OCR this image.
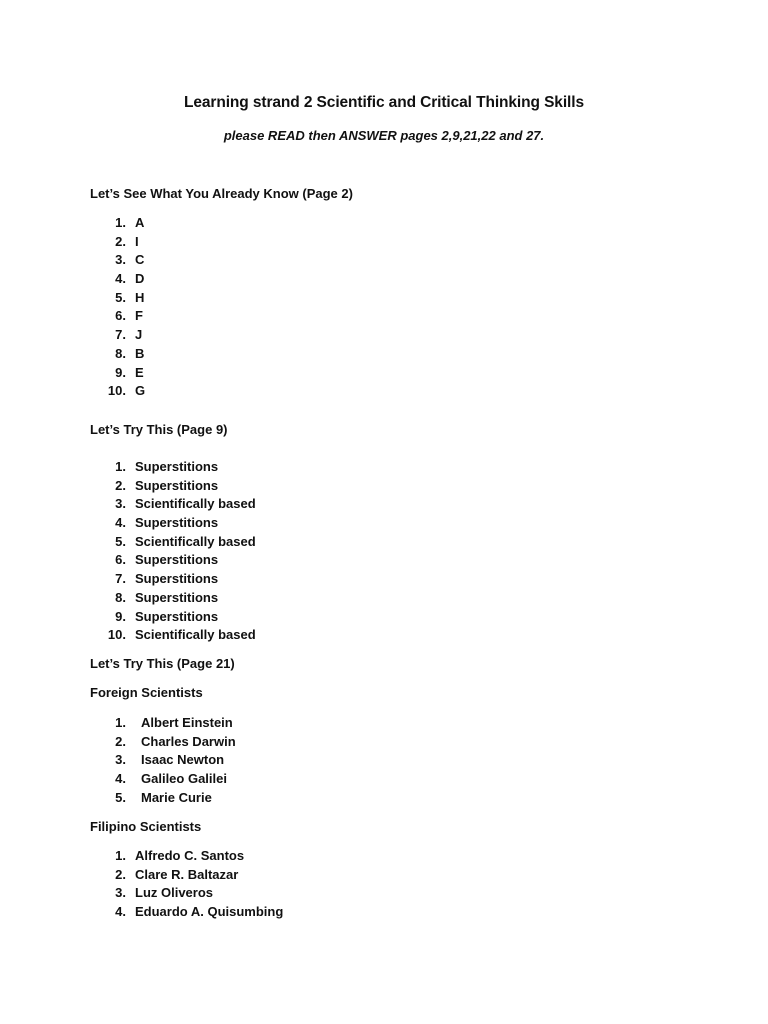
Learning strand 2 Scientific and Critical Thinking Skills
please READ then ANSWER pages 2,9,21,22 and 27.
Let’s See What You Already Know (Page 2)
1. A
2. I
3. C
4. D
5. H
6. F
7. J
8. B
9. E
10. G
Let’s Try This (Page 9)
1. Superstitions
2. Superstitions
3. Scientifically based
4. Superstitions
5. Scientifically based
6. Superstitions
7. Superstitions
8. Superstitions
9. Superstitions
10. Scientifically based
Let’s Try This (Page 21)
Foreign Scientists
1. Albert Einstein
2. Charles Darwin
3. Isaac Newton
4. Galileo Galilei
5. Marie Curie
Filipino Scientists
1. Alfredo C. Santos
2. Clare R. Baltazar
3. Luz Oliveros
4. Eduardo A. Quisumbing
